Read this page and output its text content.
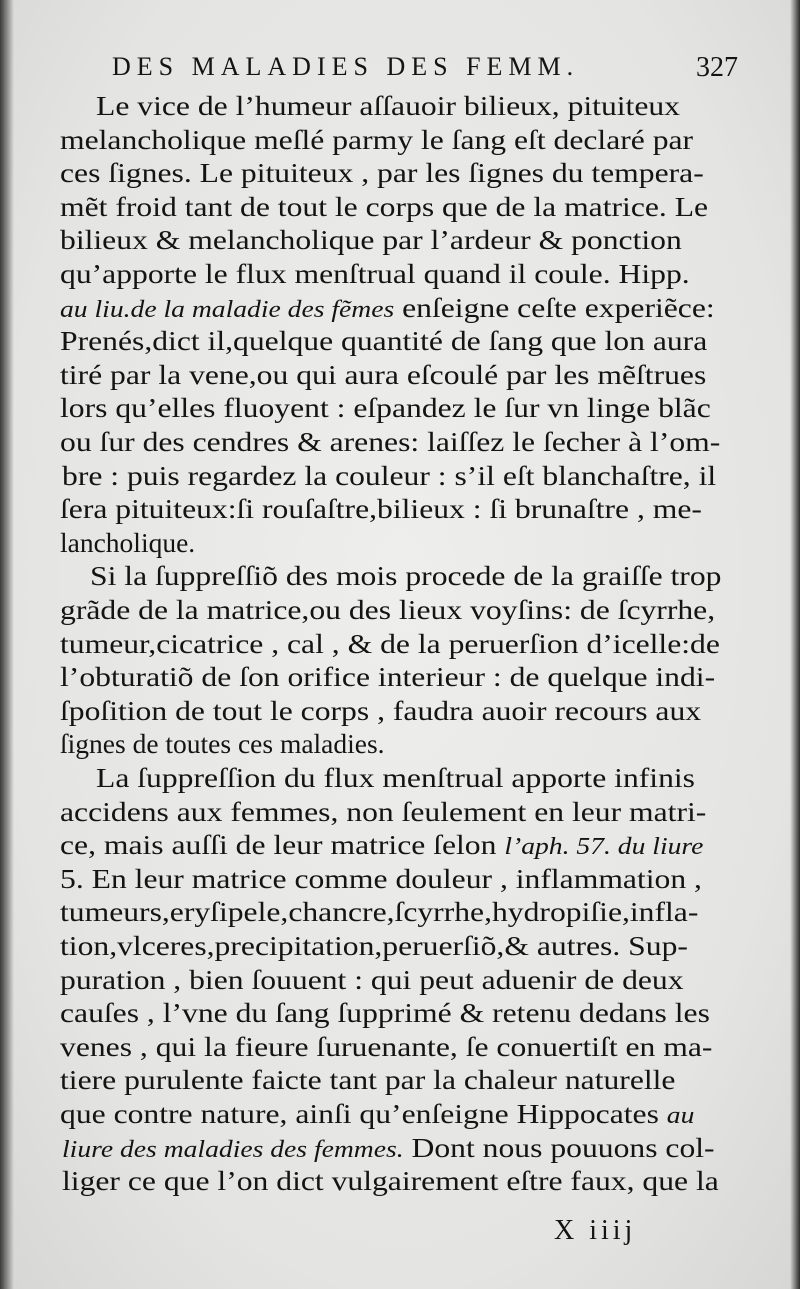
DES MALADIES DES FEMM.	327
Le vice de l’humeur aſſauoir bilieux, pituiteux
melancholique meſlé parmy le ſang eſt declaré par
ces ſignes. Le pituiteux , par les ſignes du tempera-
mẽt froid tant de tout le corps que de la matrice. Le
bilieux & melancholique par l’ardeur & ponction
qu’apporte le flux menſtrual quand il coule. Hipp.
au liu.de la maladie des fẽmes enſeigne ceſte experiẽce:
Prenés,dict il,quelque quantité de ſang que lon aura
tiré par la vene,ou qui aura eſcoulé par les mẽſtrues
lors qu’elles fluoyent : eſpandez le ſur vn linge blãc
ou ſur des cendres & arenes: laiſſez le ſecher à l’om-
bre : puis regardez la couleur : s’il eſt blanchaſtre, il
ſera pituiteux:ſi rouſaſtre,bilieux : ſi brunaſtre , me-
lancholique.
Si la ſuppreſſiõ des mois procede de la graiſſe trop
grãde de la matrice,ou des lieux voyſins: de ſcyrrhe,
tumeur,cicatrice , cal , & de la peruerſion d’icelle:de
l’obturatiõ de ſon orifice interieur : de quelque indi-
ſpoſition de tout le corps , faudra auoir recours aux
ſignes de toutes ces maladies.
La ſuppreſſion du flux menſtrual apporte infinis
accidens aux femmes, non ſeulement en leur matri-
ce, mais auſſi de leur matrice ſelon l’aph. 57. du liure
5. En leur matrice comme douleur , inflammation ,
tumeurs,eryſipele,chancre,ſcyrrhe,hydropiſie,infla-
tion,vlceres,precipitation,peruerſiõ,& autres. Sup-
puration , bien ſouuent : qui peut aduenir de deux
cauſes , l’vne du ſang ſupprimé & retenu dedans les
venes , qui la fieure ſuruenante, ſe conuertiſt en ma-
tiere purulente faicte tant par la chaleur naturelle
que contre nature, ainſi qu’enſeigne Hippocates au
liure des maladies des femmes. Dont nous pouuons col-
liger ce que l’on dict vulgairement eſtre faux, que la
X iiij
